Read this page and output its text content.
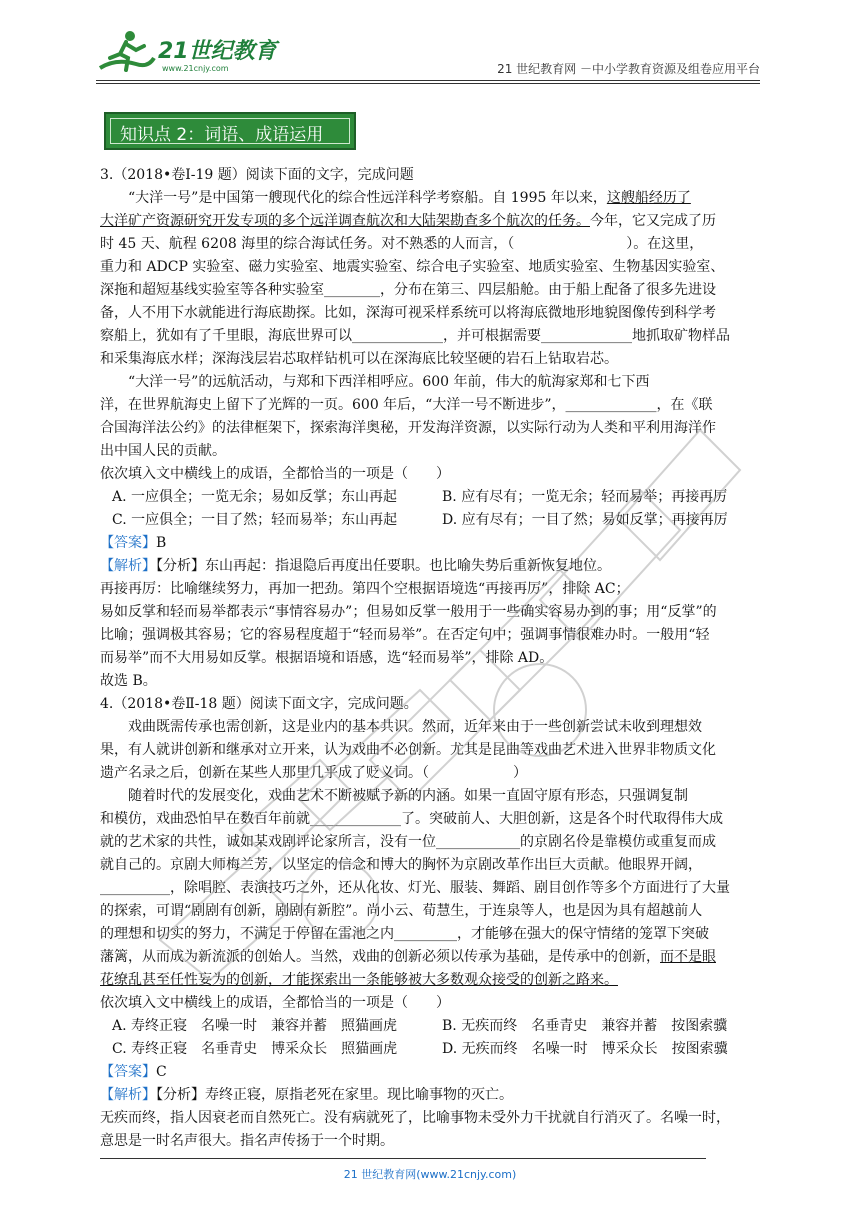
21世纪教育
www.21cnjy.com	21 世纪教育网 －中小学教育资源及组卷应用平台
知识点 2：词语、成语运用

3.（2018•卷Ⅰ-19 题）阅读下面的文字，完成问题

“大洋一号”是中国第一艘现代化的综合性远洋科学考察船。自 1995 年以来，这艘船经历了

大洋矿产资源研究开发专项的多个远洋调查航次和大陆架勘查多个航次的任务。今年，它又完成了历

时 45 天、航程 6208 海里的综合海试任务。对不熟悉的人而言，（　　　　　　　　）。在这里，

重力和 ADCP 实验室、磁力实验室、地震实验室、综合电子实验室、地质实验室、生物基因实验室、

深拖和超短基线实验室等各种实验室________，分布在第三、四层船舱。由于船上配备了很多先进设

备，人不用下水就能进行海底勘探。比如，深海可视采样系统可以将海底微地形地貌图像传到科学考

察船上，犹如有了千里眼，海底世界可以_____________，并可根据需要_____________地抓取矿物样品

和采集海底水样；深海浅层岩芯取样钻机可以在深海底比较坚硬的岩石上钻取岩芯。

“大洋一号”的远航活动，与郑和下西洋相呼应。600 年前，伟大的航海家郑和七下西

洋，在世界航海史上留下了光辉的一页。600 年后，“大洋一号不断进步”，_____________，在《联

合国海洋法公约》的法律框架下，探索海洋奥秘，开发海洋资源，以实际行动为人类和平利用海洋作

出中国人民的贡献。

依次填入文中横线上的成语，全都恰当的一项是（　　）

A. 一应俱全；一览无余；易如反掌；东山再起	B. 应有尽有；一览无余；轻而易举；再接再厉
C. 一应俱全；一目了然；轻而易举；东山再起	D. 应有尽有；一目了然；易如反掌；再接再厉

【答案】B

【解析】【分析】东山再起：指退隐后再度出任要职。也比喻失势后重新恢复地位。

再接再厉：比喻继续努力，再加一把劲。第四个空根据语境选“再接再厉”，排除 AC；

易如反掌和轻而易举都表示“事情容易办”；但易如反掌一般用于一些确实容易办到的事；用“反掌”的

比喻；强调极其容易；它的容易程度超于“轻而易举”。在否定句中；强调事情很难办时。一般用“轻

而易举”而不大用易如反掌。根据语境和语感，选“轻而易举”，排除 AD。

故选 B。

4.（2018•卷Ⅱ-18 题）阅读下面文字，完成问题。

戏曲既需传承也需创新，这是业内的基本共识。然而，近年来由于一些创新尝试未收到理想效

果，有人就讲创新和继承对立开来，认为戏曲不必创新。尤其是昆曲等戏曲艺术进入世界非物质文化

遗产名录之后，创新在某些人那里几乎成了贬义词。（　　　　　　）

随着时代的发展变化，戏曲艺术不断被赋予新的内涵。如果一直固守原有形态，只强调复制

和模仿，戏曲恐怕早在数百年前就_____________了。突破前人、大胆创新，这是各个时代取得伟大成

就的艺术家的共性，诚如某戏剧评论家所言，没有一位____________的京剧名伶是靠模仿或重复而成

就自己的。京剧大师梅兰芳，以坚定的信念和博大的胸怀为京剧改革作出巨大贡献。他眼界开阔，

__________，除唱腔、表演技巧之外，还从化妆、灯光、服装、舞蹈、剧目创作等多个方面进行了大量

的探索，可谓“剧剧有创新，剧剧有新腔”。尚小云、荀慧生，于连泉等人，也是因为具有超越前人

的理想和切实的努力，不满足于停留在雷池之内_________，才能够在强大的保守情绪的笼罩下突破

藩篱，从而成为新流派的创始人。当然，戏曲的创新必须以传承为基础，是传承中的创新，而不是眼

花缭乱甚至任性妄为的创新，才能探索出一条能够被大多数观众接受的创新之路来。

依次填入文中横线上的成语，全都恰当的一项是（　　）

A. 寿终正寝　名噪一时　兼容并蓄　照猫画虎	B. 无疾而终　名垂青史　兼容并蓄　按图索骥
C. 寿终正寝　名垂青史　博采众长　照猫画虎	D. 无疾而终　名噪一时　博采众长　按图索骥

【答案】C

【解析】【分析】寿终正寝，原指老死在家里。现比喻事物的灭亡。

无疾而终，指人因衰老而自然死亡。没有病就死了，比喻事物未受外力干扰就自行消灭了。名噪一时，

意思是一时名声很大。指名声传扬于一个时期。

21 世纪教育网(www.21cnjy.com)
